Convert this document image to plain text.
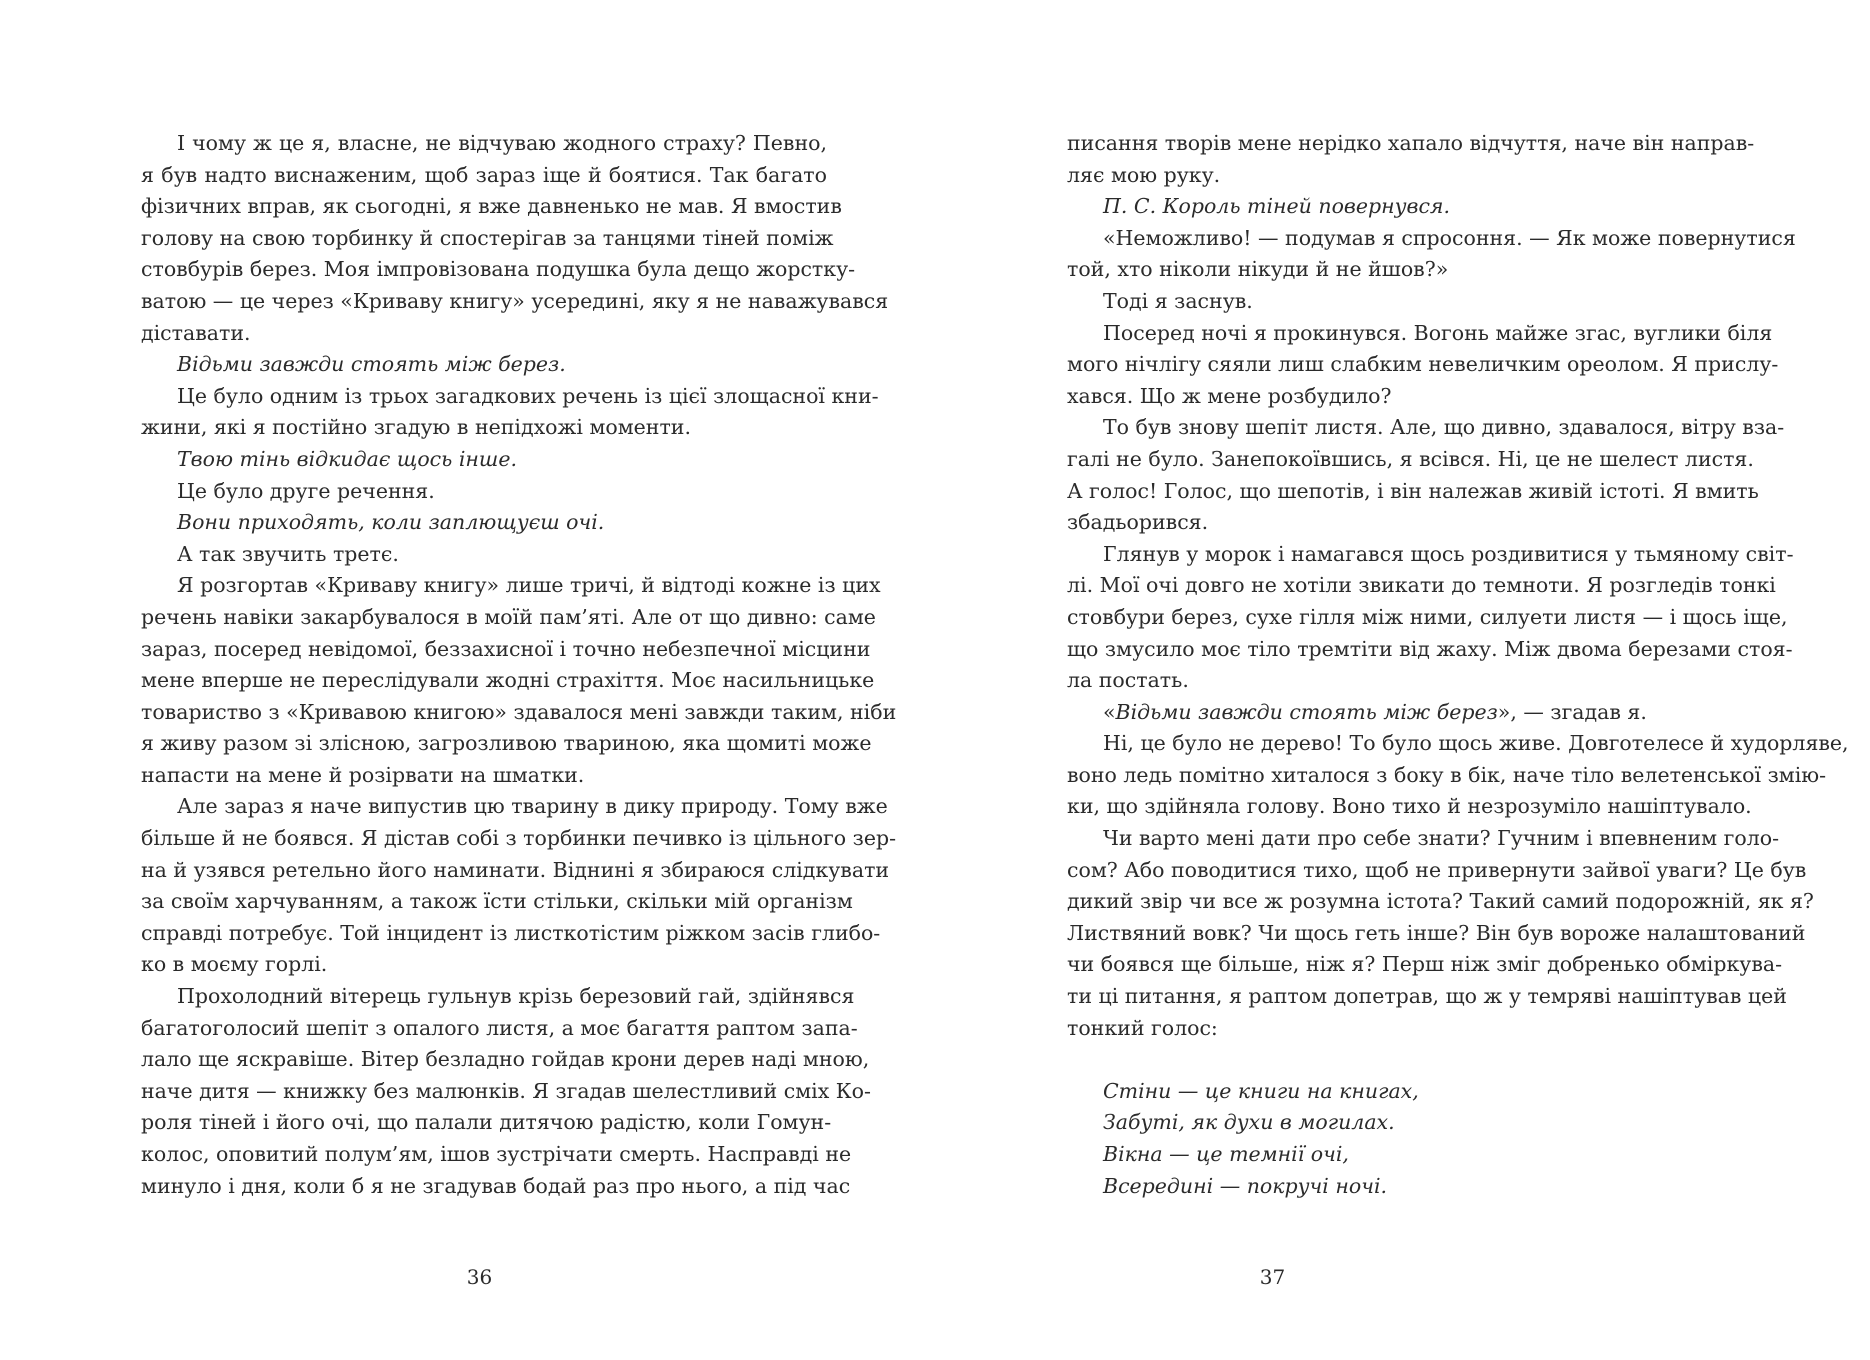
І чому ж це я, власне, не відчуваю жодного страху? Певно,
я був надто виснаженим, щоб зараз іще й боятися. Так багато
фізичних вправ, як сьогодні, я вже давненько не мав. Я вмостив
голову на свою торбинку й спостерігав за танцями тіней поміж
стовбурів берез. Моя імпровізована подушка була дещо жорстку-
ватою — це через «Криваву книгу» усередині, яку я не наважувався
діставати.
Відьми завжди стоять між берез.
Це було одним із трьох загадкових речень із цієї злощасної кни-
жини, які я постійно згадую в непідхожі моменти.
Твою тінь відкидає щось інше.
Це було друге речення.
Вони приходять, коли заплющуєш очі.
А так звучить третє.
Я розгортав «Криваву книгу» лише тричі, й відтоді кожне із цих
речень навіки закарбувалося в моїй пам’яті. Але от що дивно: саме
зараз, посеред невідомої, беззахисної і точно небезпечної місцини
мене вперше не переслідували жодні страхіття. Моє насильницьке
товариство з «Кривавою книгою» здавалося мені завжди таким, ніби
я живу разом зі злісною, загрозливою твариною, яка щомиті може
напасти на мене й розірвати на шматки.
Але зараз я наче випустив цю тварину в дику природу. Тому вже
більше й не боявся. Я дістав собі з торбинки печивко із цільного зер-
на й узявся ретельно його наминати. Віднині я збираюся слідкувати
за своїм харчуванням, а також їсти стільки, скільки мій організм
справді потребує. Той інцидент із листкотістим ріжком засів глибо-
ко в моєму горлі.
Прохолодний вітерець гульнув крізь березовий гай, здійнявся
багатоголосий шепіт з опалого листя, а моє багаття раптом запа-
лало ще яскравіше. Вітер безладно гойдав крони дерев наді мною,
наче дитя — книжку без малюнків. Я згадав шелестливий сміх Ко-
роля тіней і його очі, що палали дитячою радістю, коли Гомун-
колос, оповитий полум’ям, ішов зустрічати смерть. Насправді не
минуло і дня, коли б я не згадував бодай раз про нього, а під час
36
писання творів мене нерідко хапало відчуття, наче він направ-
ляє мою руку.
П. С. Король тіней повернувся.
«Неможливо! — подумав я спросоння. — Як може повернутися
той, хто ніколи нікуди й не йшов?»
Тоді я заснув.
Посеред ночі я прокинувся. Вогонь майже згас, вуглики біля
мого нічлігу сяяли лиш слабким невеличким ореолом. Я прислу-
хався. Що ж мене розбудило?
То був знову шепіт листя. Але, що дивно, здавалося, вітру вза-
галі не було. Занепокоївшись, я всівся. Ні, це не шелест листя.
А голос! Голос, що шепотів, і він належав живій істоті. Я вмить
збадьорився.
Глянув у морок і намагався щось роздивитися у тьмяному світ-
лі. Мої очі довго не хотіли звикати до темноти. Я розгледів тонкі
стовбури берез, сухе гілля між ними, силуети листя — і щось іще,
що змусило моє тіло тремтіти від жаху. Між двома березами стоя-
ла постать.
«Відьми завжди стоять між берез», — згадав я.
Ні, це було не дерево! То було щось живе. Довготелесе й худорляве,
воно ледь помітно хиталося з боку в бік, наче тіло велетенської змію-
ки, що здійняла голову. Воно тихо й незрозуміло нашіптувало.
Чи варто мені дати про себе знати? Гучним і впевненим голо-
сом? Або поводитися тихо, щоб не привернути зайвої уваги? Це був
дикий звір чи все ж розумна істота? Такий самий подорожній, як я?
Листвяний вовк? Чи щось геть інше? Він був вороже налаштований
чи боявся ще більше, ніж я? Перш ніж зміг добренько обміркува-
ти ці питання, я раптом допетрав, що ж у темряві нашіптував цей
тонкий голос:
Стіни — це книги на книгах,
Забуті, як духи в могилах.
Вікна — це темнії очі,
Всередині — покручі ночі.
37
